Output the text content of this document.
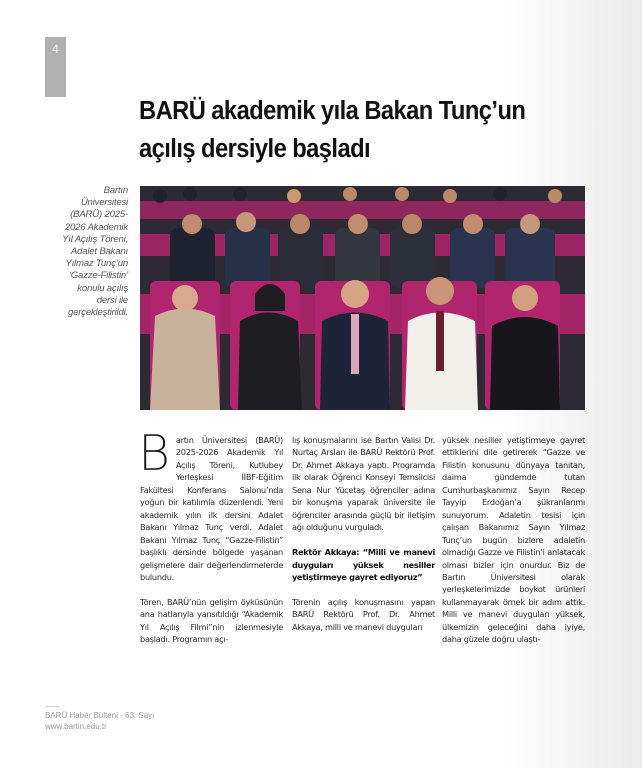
4
BARÜ akademik yıla Bakan Tunç’un açılış dersiyle başladı
Bartın Üniversitesi (BARÜ) 2025-2026 Akademik Yıl Açılış Töreni, Adalet Bakanı Yılmaz Tunç’un ‘Gazze-Filistin’ konulu açılış dersi ile gerçekleştirildi.

Bartın Üniversitesi (BARÜ) 2025-2026 Akademik Yıl Açılış Töreni, Kutlubey Yerleşkesi İİBF-Eğitim Fakültesi Konferans Salonu’nda yoğun bir katılımla düzenlendi. Yeni akademik yılın ilk dersini Adalet Bakanı Yılmaz Tunç verdi. Adalet Bakanı Yılmaz Tunç “Gazze-Filistin” başlıklı dersinde bölgede yaşanan gelişmelere dair değerlendirmelerde bulundu.

Tören, BARÜ’nün gelişim öyküsünün ana hatlarıyla yansıtıldığı “Akademik Yıl Açılış Filmi”nin izlenmesiyle başladı. Programın açı-

lış konuşmalarını ise Bartın Valisi Dr. Nurtaç Arslan ile BARÜ Rektörü Prof. Dr. Ahmet Akkaya yaptı. Programda ilk olarak Öğrenci Konseyi Temsilcisi Sena Nur Yücetaş öğrenciler adına bir konuşma yaparak üniversite ile öğrenciler arasında güçlü bir iletişim ağı olduğunu vurguladı.

Rektör Akkaya: “Milli ve manevi duyguları yüksek nesiller yetiştirmeye gayret ediyoruz”

Törenin açılış konuşmasını yapan BARÜ Rektörü Prof. Dr. Ahmet Akkaya, milli ve manevi duyguları

yüksek nesiller yetiştirmeye gayret ettiklerini dile getirerek “Gazze ve Filistin konusunu dünyaya tanıtan, daima gündemde tutan Cumhurbaşkanımız Sayın Recep Tayyip Erdoğan’a şükranlarımı sunuyorum. Adaletin tesisi için çalışan Bakanımız Sayın Yılmaz Tunç’un bugün bizlere adaletin olmadığı Gazze ve Filistin’i anlatacak olması bizler için onurdur. Biz de Bartın Üniversitesi olarak yerleşkelerimizde boykot ürünleri kullanmayarak örnek bir adım attık. Milli ve manevi duyguları yüksek, ülkemizin geleceğini daha iyiye, daha güzele doğru ulaştı-

BARÜ Haber Bülteni - 63. Sayı
www.bartin.edu.tr
